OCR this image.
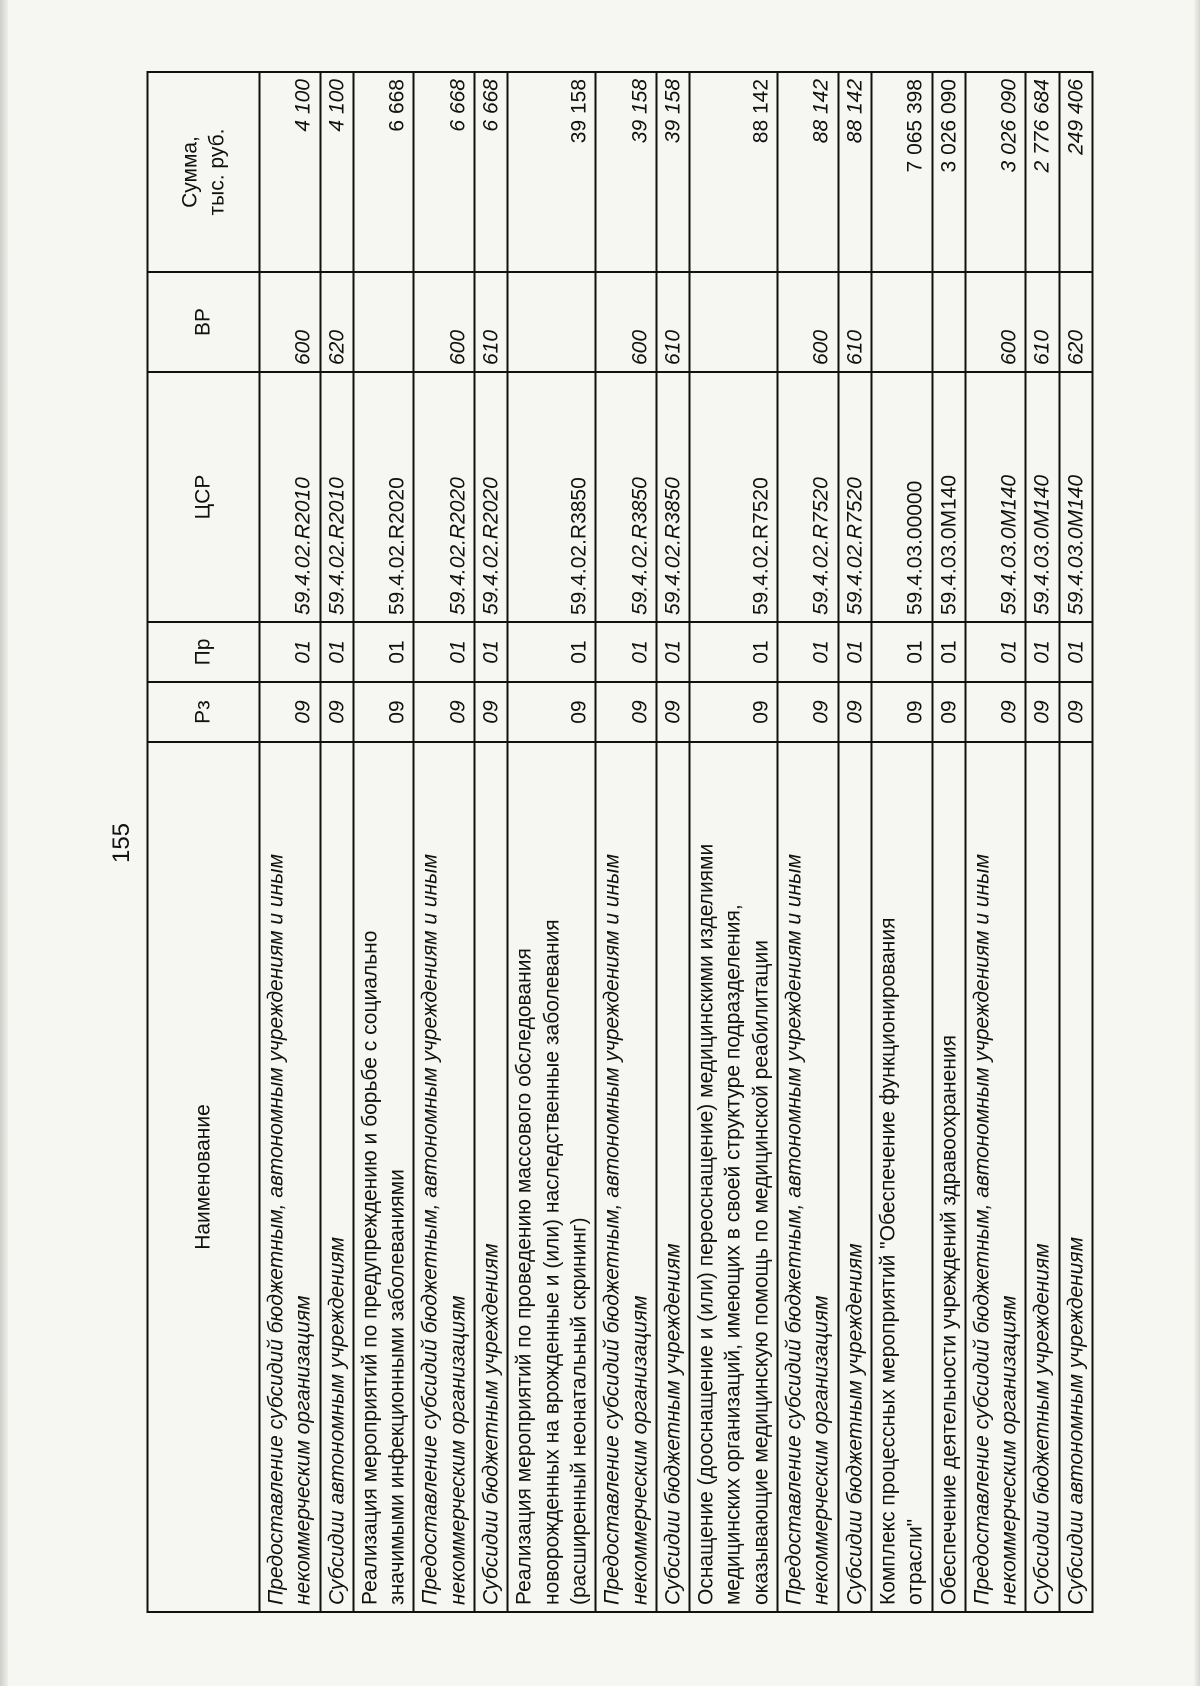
155
Наименование	Рз	Пр	ЦСР	ВР	Сумма, тыс. руб.

Предоставление субсидий бюджетным, автономным учреждениям и иным некоммерческим организациям	09	01	59.4.02.R2010	600	4 100

Субсидии автономным учреждениям	09	01	59.4.02.R2010	620	4 100

Реализация мероприятий по предупреждению и борьбе с социально значимыми инфекционными заболеваниями	09	01	59.4.02.R2020		6 668

Предоставление субсидий бюджетным, автономным учреждениям и иным некоммерческим организациям	09	01	59.4.02.R2020	600	6 668

Субсидии бюджетным учреждениям	09	01	59.4.02.R2020	610	6 668

Реализация мероприятий по проведению массового обследования новорожденных на врожденные и (или) наследственные заболевания (расширенный неонатальный скрининг)	09	01	59.4.02.R3850		39 158

Предоставление субсидий бюджетным, автономным учреждениям и иным некоммерческим организациям	09	01	59.4.02.R3850	600	39 158

Субсидии бюджетным учреждениям	09	01	59.4.02.R3850	610	39 158

Оснащение (дооснащение и (или) переоснащение) медицинскими изделиями медицинских организаций, имеющих в своей структуре подразделения, оказывающие медицинскую помощь по медицинской реабилитации	09	01	59.4.02.R7520		88 142

Предоставление субсидий бюджетным, автономным учреждениям и иным некоммерческим организациям	09	01	59.4.02.R7520	600	88 142

Субсидии бюджетным учреждениям	09	01	59.4.02.R7520	610	88 142

Комплекс процессных мероприятий "Обеспечение функционирования отрасли"	09	01	59.4.03.00000		7 065 398

Обеспечение деятельности учреждений здравоохранения	09	01	59.4.03.0М140		3 026 090

Предоставление субсидий бюджетным, автономным учреждениям и иным некоммерческим организациям	09	01	59.4.03.0М140	600	3 026 090

Субсидии бюджетным учреждениям	09	01	59.4.03.0М140	610	2 776 684

Субсидии автономным учреждениям	09	01	59.4.03.0М140	620	249 406
